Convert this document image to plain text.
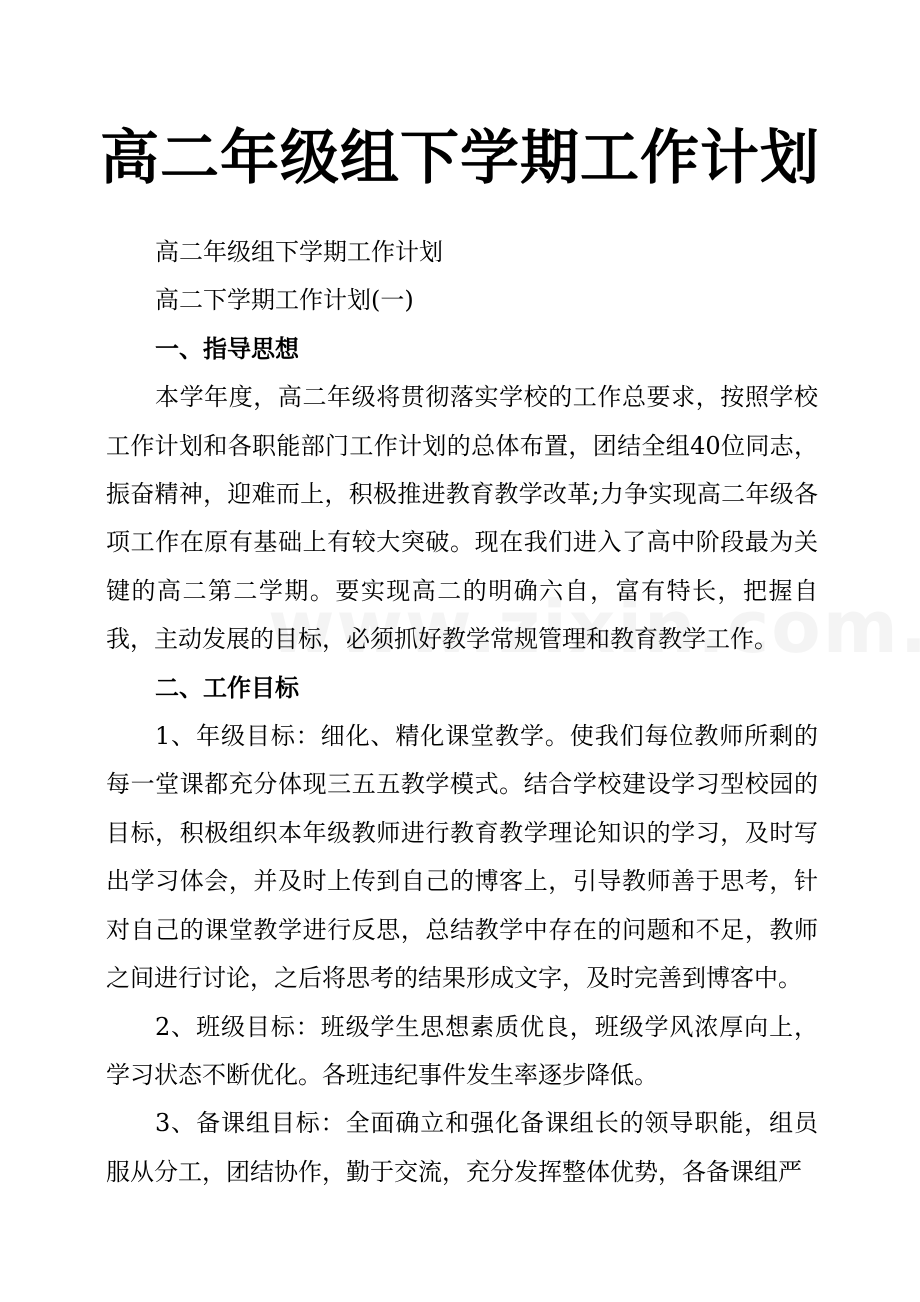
高二年级组下学期工作计划

高二年级组下学期工作计划

高二下学期工作计划(一)

一、指导思想

本学年度，高二年级将贯彻落实学校的工作总要求，按照学校工作计划和各职能部门工作计划的总体布置，团结全组40位同志，振奋精神，迎难而上，积极推进教育教学改革;力争实现高二年级各项工作在原有基础上有较大突破。现在我们进入了高中阶段最为关键的高二第二学期。要实现高二的明确六自，富有特长，把握自我，主动发展的目标，必须抓好教学常规管理和教育教学工作。

二、工作目标

1、年级目标：细化、精化课堂教学。使我们每位教师所剩的每一堂课都充分体现三五五教学模式。结合学校建设学习型校园的目标，积极组织本年级教师进行教育教学理论知识的学习，及时写出学习体会，并及时上传到自己的博客上，引导教师善于思考，针对自己的课堂教学进行反思，总结教学中存在的问题和不足，教师之间进行讨论，之后将思考的结果形成文字，及时完善到博客中。

2、班级目标：班级学生思想素质优良，班级学风浓厚向上，学习状态不断优化。各班违纪事件发生率逐步降低。

3、备课组目标：全面确立和强化备课组长的领导职能，组员服从分工，团结协作，勤于交流，充分发挥整体优势，各备课组严
